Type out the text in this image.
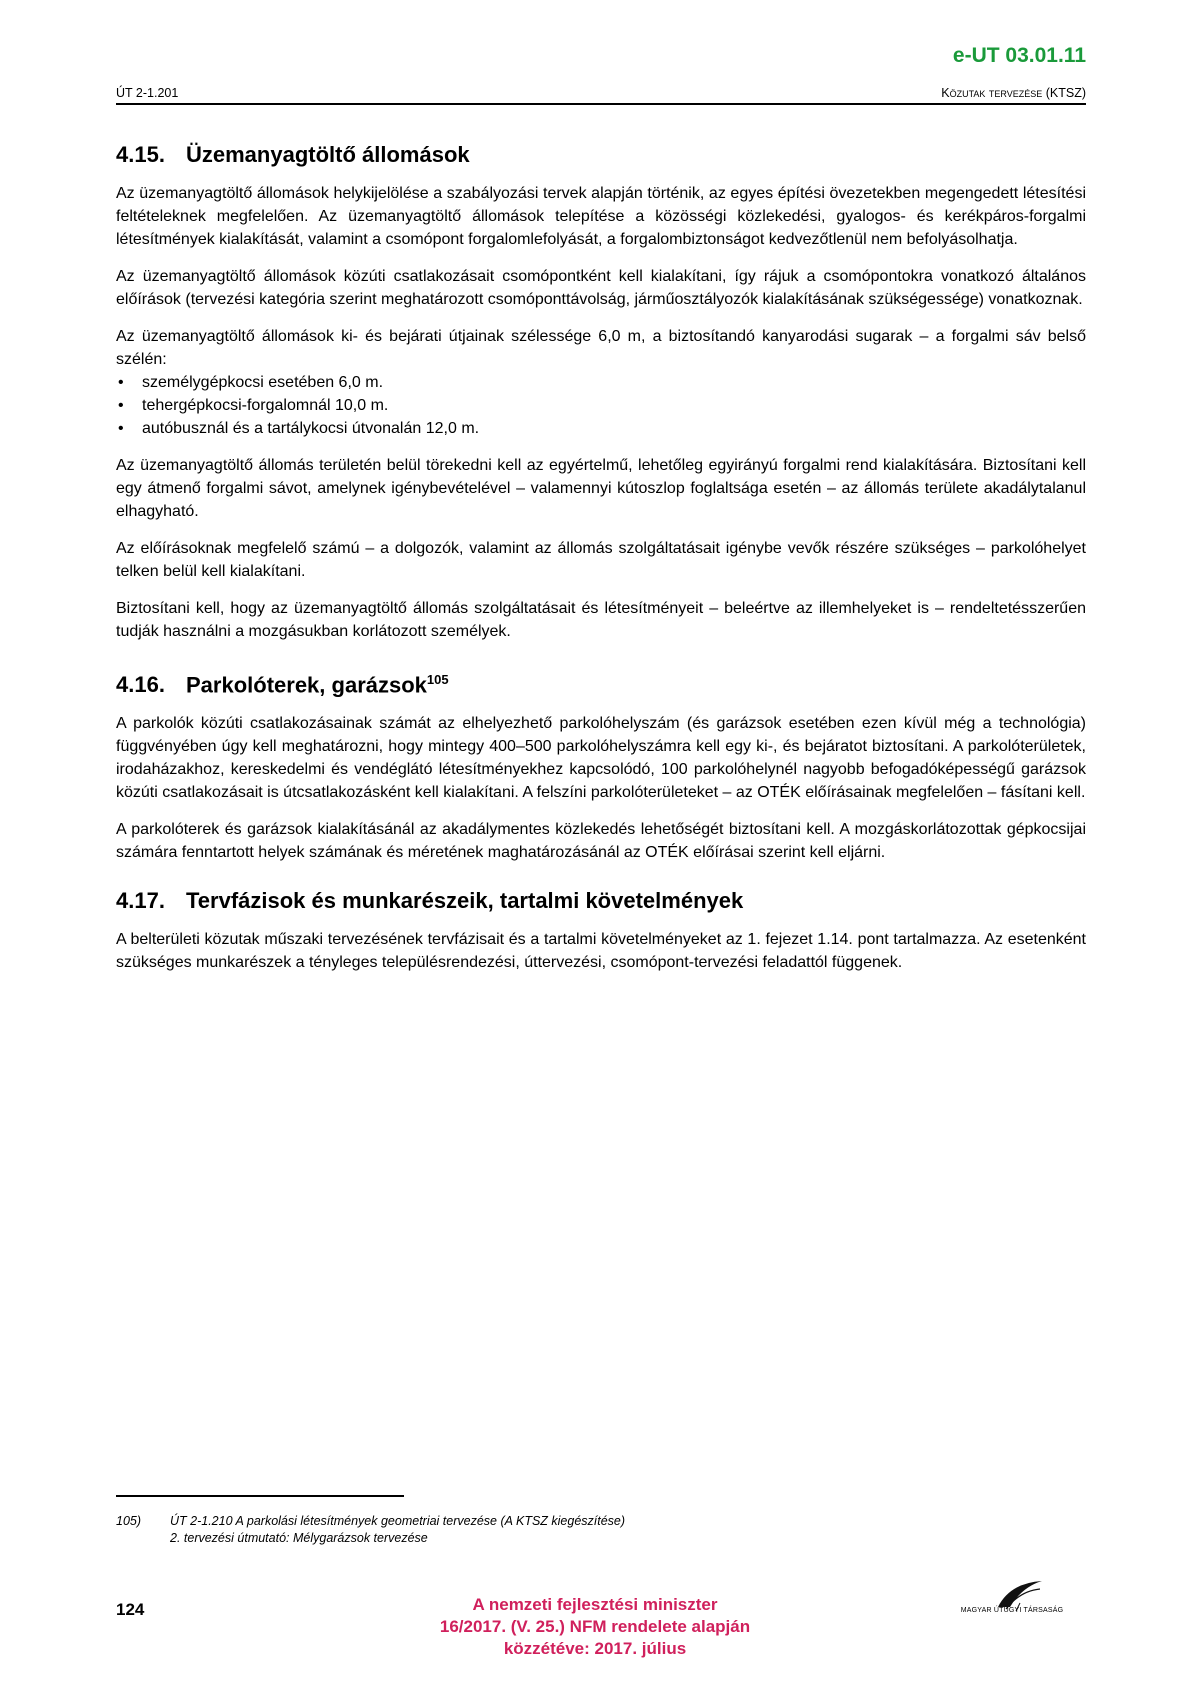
e-UT 03.01.11
ÚT 2-1.201	Közutak tervezése (KTSZ)
4.15. Üzemanyagtöltő állomások

Az üzemanyagtöltő állomások helykijelölése a szabályozási tervek alapján történik, az egyes építési övezetekben megengedett létesítési feltételeknek megfelelően. Az üzemanyagtöltő állomások telepítése a közösségi közlekedési, gyalogos- és kerékpáros-forgalmi létesítmények kialakítását, valamint a csomópont forgalomlefolyását, a forgalombiztonságot kedvezőtlenül nem befolyásolhatja.

Az üzemanyagtöltő állomások közúti csatlakozásait csomópontként kell kialakítani, így rájuk a csomópontokra vonatkozó általános előírások (tervezési kategória szerint meghatározott csomóponttávolság, járműosztályozók kialakításának szükségessége) vonatkoznak.

Az üzemanyagtöltő állomások ki- és bejárati útjainak szélessége 6,0 m, a biztosítandó kanyarodási sugarak – a forgalmi sáv belső szélén:

• személygépkocsi esetében 6,0 m.
• tehergépkocsi-forgalomnál 10,0 m.
• autóbusznál és a tartálykocsi útvonalán 12,0 m.

Az üzemanyagtöltő állomás területén belül törekedni kell az egyértelmű, lehetőleg egyirányú forgalmi rend kialakítására. Biztosítani kell egy átmenő forgalmi sávot, amelynek igénybevételével – valamennyi kútoszlop foglaltsága esetén – az állomás területe akadálytalanul elhagyható.

Az előírásoknak megfelelő számú – a dolgozók, valamint az állomás szolgáltatásait igénybe vevők részére szükséges – parkolóhelyet telken belül kell kialakítani.

Biztosítani kell, hogy az üzemanyagtöltő állomás szolgáltatásait és létesítményeit – beleértve az illemhelyeket is – rendeltetésszerűen tudják használni a mozgásukban korlátozott személyek.

4.16. Parkolóterek, garázsok$^{105}$

A parkolók közúti csatlakozásainak számát az elhelyezhető parkolóhelyszám (és garázsok esetében ezen kívül még a technológia) függvényében úgy kell meghatározni, hogy mintegy 400–500 parkolóhelyszámra kell egy ki-, és bejáratot biztosítani. A parkolóterületek, irodaházakhoz, kereskedelmi és vendéglátó létesítményekhez kapcsolódó, 100 parkolóhelynél nagyobb befogadóképességű garázsok közúti csatlakozásait is útcsatlakozásként kell kialakítani. A felszíni parkolóterületeket – az OTÉK előírásainak megfelelően – fásítani kell.

A parkolóterek és garázsok kialakításánál az akadálymentes közlekedés lehetőségét biztosítani kell. A mozgáskorlátozottak gépkocsijai számára fenntartott helyek számának és méretének maghatározásánál az OTÉK előírásai szerint kell eljárni.

4.17. Tervfázisok és munkarészeik, tartalmi követelmények

A belterületi közutak műszaki tervezésének tervfázisait és a tartalmi követelményeket az 1. fejezet 1.14. pont tartalmazza. Az esetenként szükséges munkarészek a tényleges településrendezési, úttervezési, csomópont-tervezési feladattól függenek.

105) ÚT 2-1.210 A parkolási létesítmények geometriai tervezése (A KTSZ kiegészítése)
2. tervezési útmutató: Mélygarázsok tervezése
124	A nemzeti fejlesztési miniszter
16/2017. (V. 25.) NFM rendelete alapján
közzétéve: 2017. július
MAGYAR ÚTÜGYI TÁRSASÁG
